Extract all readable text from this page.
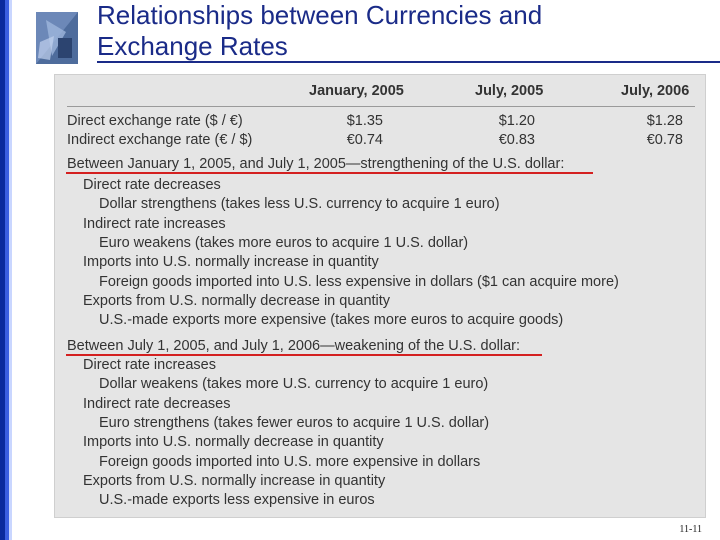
Relationships between Currencies and
Exchange Rates
January, 2005	July, 2005	July, 2006
Direct exchange rate ($ / €)	$1.35	$1.20	$1.28
Indirect exchange rate (€ / $)	€0.74	€0.83	€0.78
Between January 1, 2005, and July 1, 2005—strengthening of the U.S. dollar:
Direct rate decreases
Dollar strengthens (takes less U.S. currency to acquire 1 euro)
Indirect rate increases
Euro weakens (takes more euros to acquire 1 U.S. dollar)
Imports into U.S. normally increase in quantity
Foreign goods imported into U.S. less expensive in dollars ($1 can acquire more)
Exports from U.S. normally decrease in quantity
U.S.-made exports more expensive (takes more euros to acquire goods)
Between July 1, 2005, and July 1, 2006—weakening of the U.S. dollar:
Direct rate increases
Dollar weakens (takes more U.S. currency to acquire 1 euro)
Indirect rate decreases
Euro strengthens (takes fewer euros to acquire 1 U.S. dollar)
Imports into U.S. normally decrease in quantity
Foreign goods imported into U.S. more expensive in dollars
Exports from U.S. normally increase in quantity
U.S.-made exports less expensive in euros
11-11
